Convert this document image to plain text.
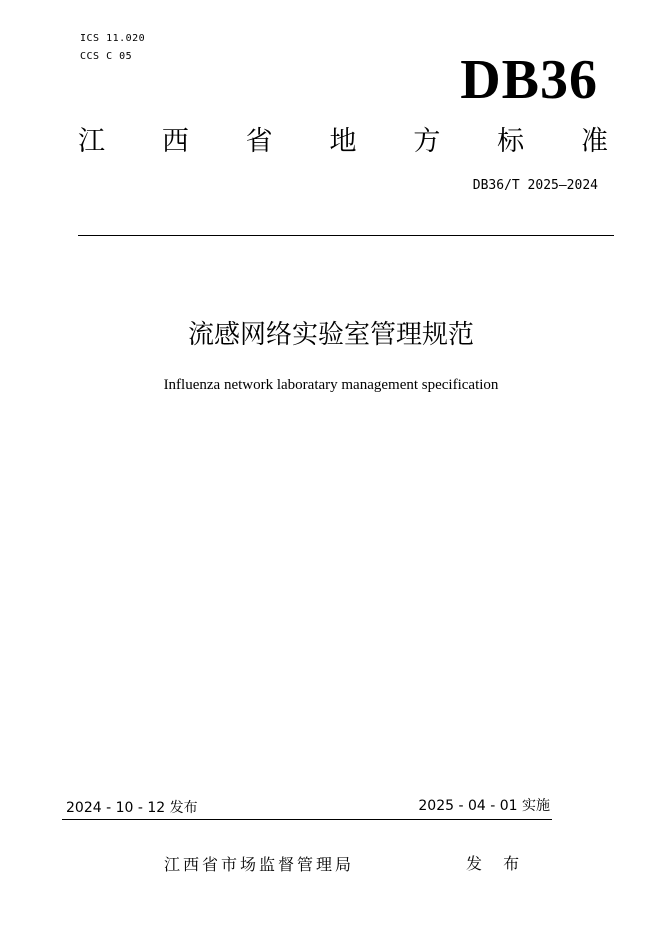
ICS 11.020
CCS C 05	DB36
江 西 省 地 方 标 准
DB36/T 2025—2024
流感网络实验室管理规范
Influenza network laboratary management specification
2024 - 10 - 12 发布	2025 - 04 - 01 实施
江西省市场监督管理局	发 布
